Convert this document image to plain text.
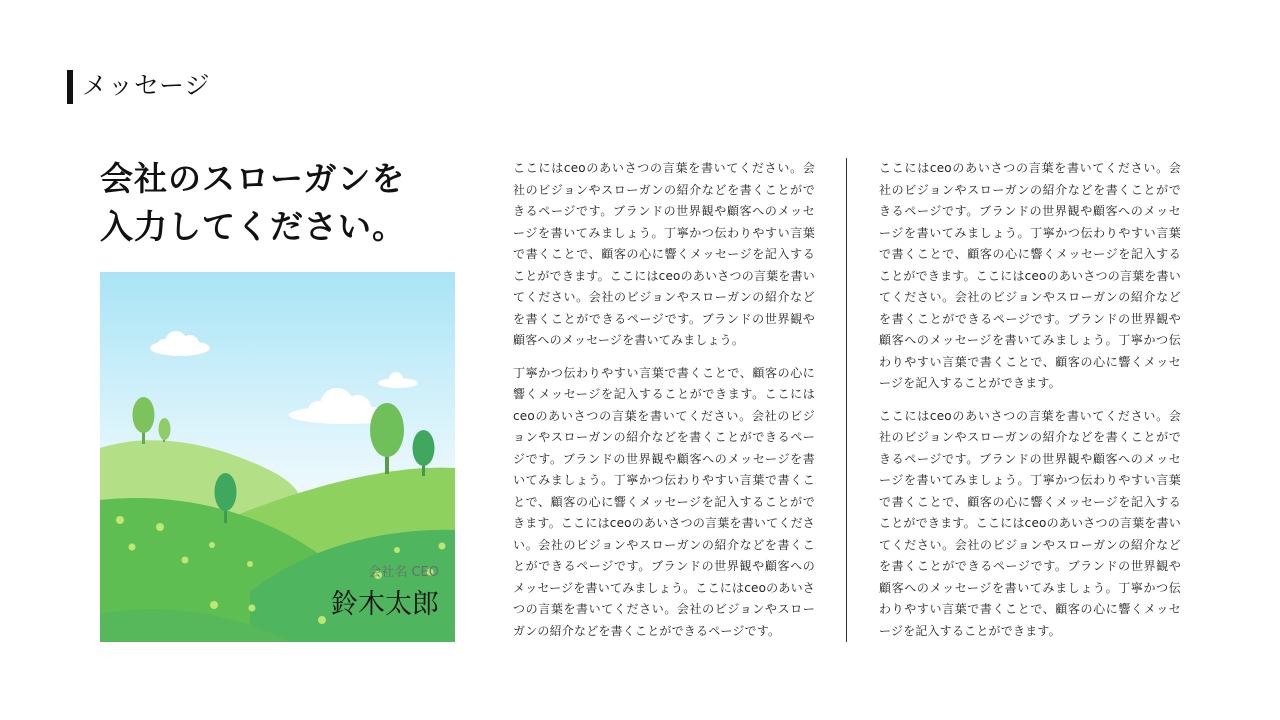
メッセージ
会社のスローガンを
入力してください。
会社名 CEO
鈴木太郎

ここにはceoのあいさつの言葉を書いてください。会社のビジョンやスローガンの紹介などを書くことができるページです。ブランドの世界観や顧客へのメッセージを書いてみましょう。丁寧かつ伝わりやすい言葉で書くことで、顧客の心に響くメッセージを記入することができます。ここにはceoのあいさつの言葉を書いてください。会社のビジョンやスローガンの紹介などを書くことができるページです。ブランドの世界観や顧客へのメッセージを書いてみましょう。

丁寧かつ伝わりやすい言葉で書くことで、顧客の心に響くメッセージを記入することができます。ここにはceoのあいさつの言葉を書いてください。会社のビジョンやスローガンの紹介などを書くことができるページです。ブランドの世界観や顧客へのメッセージを書いてみましょう。丁寧かつ伝わりやすい言葉で書くことで、顧客の心に響くメッセージを記入することができます。ここにはceoのあいさつの言葉を書いてください。会社のビジョンやスローガンの紹介などを書くことができるページです。ブランドの世界観や顧客へのメッセージを書いてみましょう。ここにはceoのあいさつの言葉を書いてください。会社のビジョンやスローガンの紹介などを書くことができるページです。

ここにはceoのあいさつの言葉を書いてください。会社のビジョンやスローガンの紹介などを書くことができるページです。ブランドの世界観や顧客へのメッセージを書いてみましょう。丁寧かつ伝わりやすい言葉で書くことで、顧客の心に響くメッセージを記入することができます。ここにはceoのあいさつの言葉を書いてください。会社のビジョンやスローガンの紹介などを書くことができるページです。ブランドの世界観や顧客へのメッセージを書いてみましょう。丁寧かつ伝わりやすい言葉で書くことで、顧客の心に響くメッセージを記入することができます。

ここにはceoのあいさつの言葉を書いてください。会社のビジョンやスローガンの紹介などを書くことができるページです。ブランドの世界観や顧客へのメッセージを書いてみましょう。丁寧かつ伝わりやすい言葉で書くことで、顧客の心に響くメッセージを記入することができます。ここにはceoのあいさつの言葉を書いてください。会社のビジョンやスローガンの紹介などを書くことができるページです。ブランドの世界観や顧客へのメッセージを書いてみましょう。丁寧かつ伝わりやすい言葉で書くことで、顧客の心に響くメッセージを記入することができます。
